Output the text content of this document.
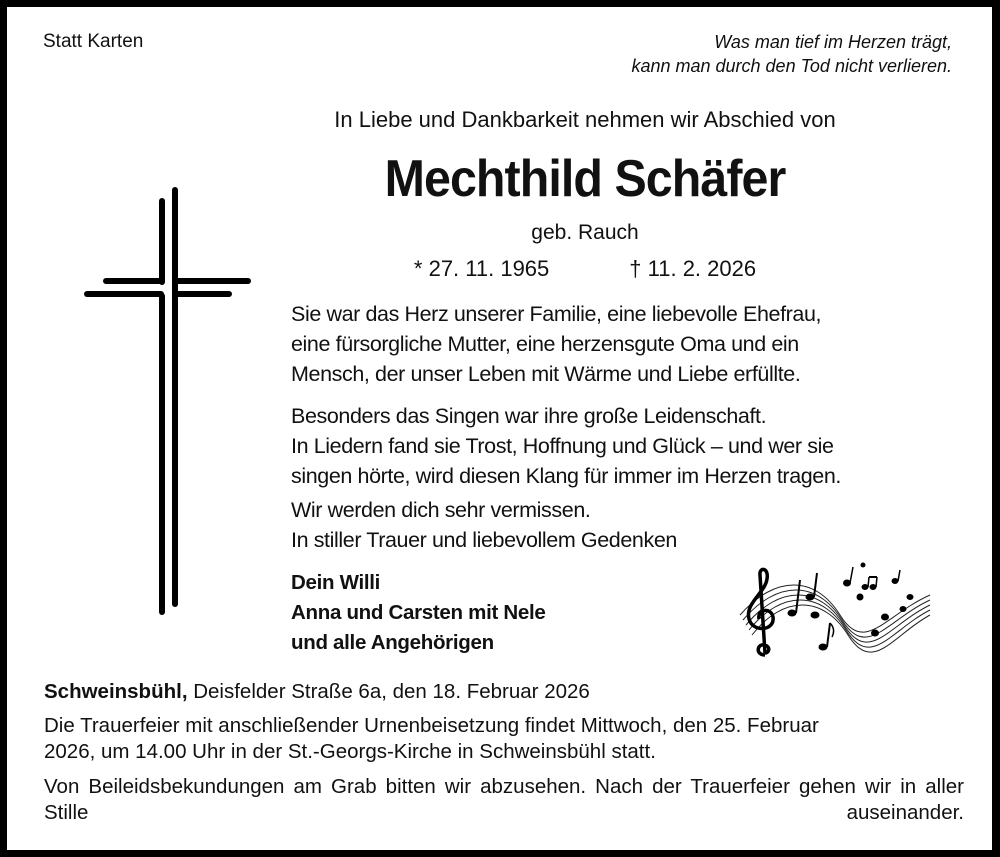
Statt Karten	Was man tief im Herzen trägt,
kann man durch den Tod nicht verlieren.

In Liebe und Dankbarkeit nehmen wir Abschied von

Mechthild Schäfer

geb. Rauch

* 27. 11. 1965	† 11. 2. 2026

Sie war das Herz unserer Familie, eine liebevolle Ehefrau,
eine fürsorgliche Mutter, eine herzensgute Oma und ein
Mensch, der unser Leben mit Wärme und Liebe erfüllte.
Besonders das Singen war ihre große Leidenschaft.
In Liedern fand sie Trost, Hoffnung und Glück – und wer sie
singen hörte, wird diesen Klang für immer im Herzen tragen.
Wir werden dich sehr vermissen.
In stiller Trauer und liebevollem Gedenken
Dein Willi
Anna und Carsten mit Nele
und alle Angehörigen

Schweinsbühl, Deisfelder Straße 6a, den 18. Februar 2026

Die Trauerfeier mit anschließender Urnenbeisetzung findet Mittwoch, den 25. Februar
2026, um 14.00 Uhr in der St.-Georgs-Kirche in Schweinsbühl statt.

Von Beileidsbekundungen am Grab bitten wir abzusehen. Nach der Trauerfeier gehen wir in aller Stille auseinander.
